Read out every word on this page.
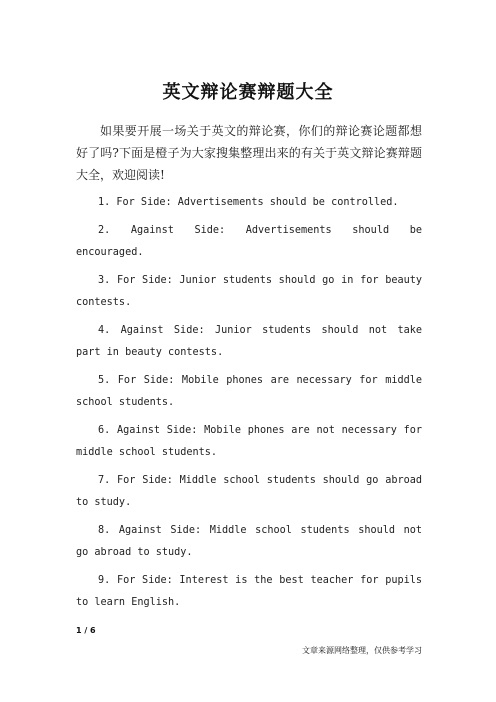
英文辩论赛辩题大全

如果要开展一场关于英文的辩论赛，你们的辩论赛论题都想好了吗?下面是橙子为大家搜集整理出来的有关于英文辩论赛辩题大全，欢迎阅读!

1. For Side: Advertisements should be controlled.

2. Against Side: Advertisements should be encouraged.

3. For Side: Junior students should go in for beauty contests.

4. Against Side: Junior students should not take part in beauty contests.

5. For Side: Mobile phones are necessary for middle school students.

6. Against Side: Mobile phones are not necessary for middle school students.

7. For Side: Middle school students should go abroad to study.

8. Against Side: Middle school students should not go abroad to study.

9. For Side: Interest is the best teacher for pupils to learn English.

1 / 6
文章来源网络整理，仅供参考学习
